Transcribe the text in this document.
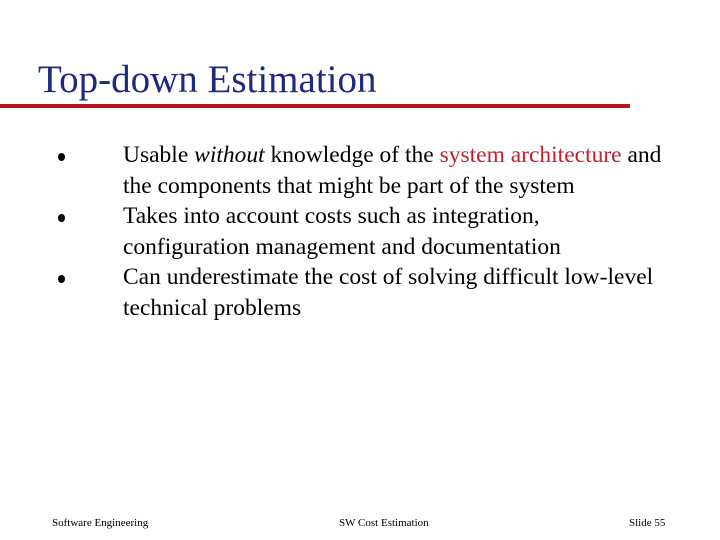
Top-down Estimation
Usable without knowledge of the system architecture and the components that might be part of the system
Takes into account costs such as integration, configuration management and documentation
Can underestimate the cost of solving difficult low-level technical problems
Software Engineering	SW Cost Estimation	Slide 55
